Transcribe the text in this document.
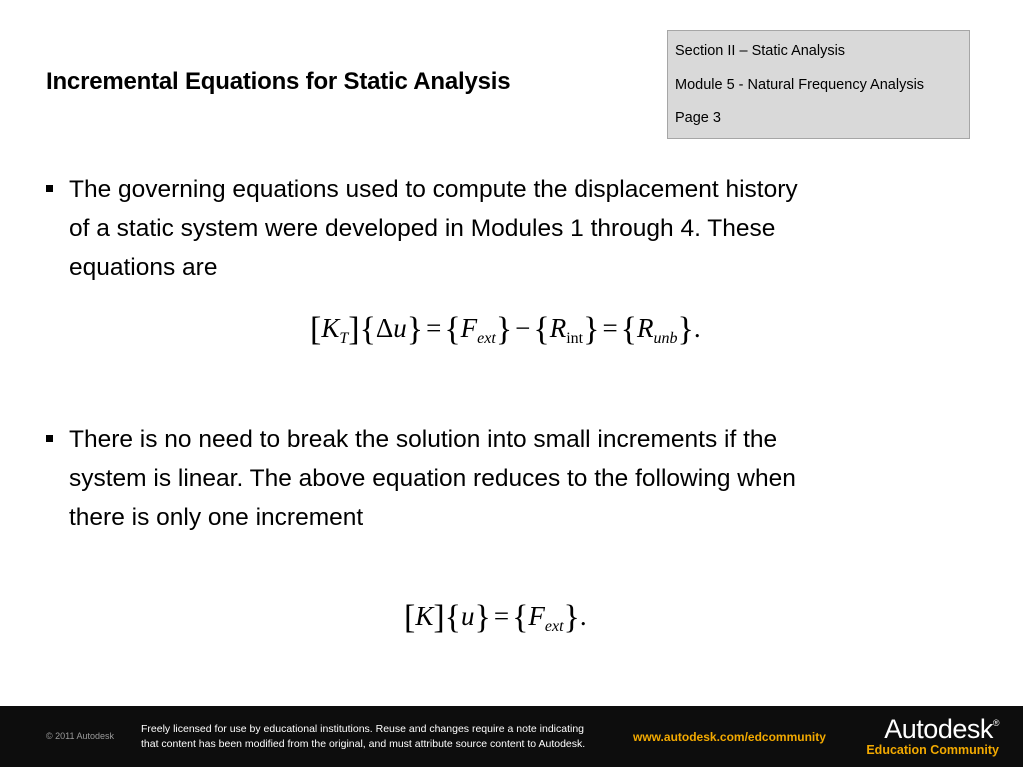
Incremental Equations for Static Analysis
Section II – Static Analysis
Module 5 - Natural Frequency Analysis
Page 3
The governing equations used to compute the displacement history
of a static system were developed in Modules 1 through 4. These
equations are
$[K_T]\{\Delta u\} =\{F_{ext}\} -\{R_{int}\} =\{R_{unb}\}$.
There is no need to break the solution into small increments if the
system is linear. The above equation reduces to the following when
there is only one increment
$[K]\{u\} =\{F_{ext}\}$.
© 2011 Autodesk
Freely licensed for use by educational institutions. Reuse and changes require a note indicating
that content has been modified from the original, and must attribute source content to Autodesk.	www.autodesk.com/edcommunity Autodesk®
Education Community
